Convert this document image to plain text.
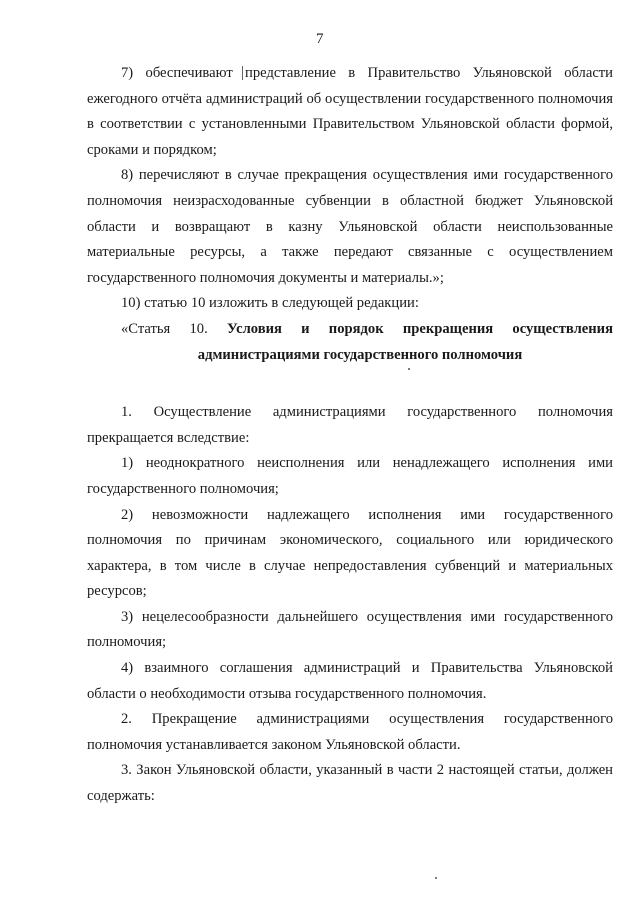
7

7) обеспечивают представление в Правительство Ульяновской области ежегодного отчёта администраций об осуществлении государственного полномочия в соответствии с установленными Правительством Ульяновской области формой, сроками и порядком;

8) перечисляют в случае прекращения осуществления ими государственного полномочия неизрасходованные субвенции в областной бюджет Ульяновской области и возвращают в казну Ульяновской области неиспользованные материальные ресурсы, а также передают связанные с осуществлением государственного полномочия документы и материалы.»;

10) статью 10 изложить в следующей редакции:

«Статья 10. Условия и порядок прекращения осуществления

администрациями государственного полномочия

1. Осуществление администрациями государственного полномочия прекращается вследствие:

1) неоднократного неисполнения или ненадлежащего исполнения ими государственного полномочия;

2) невозможности надлежащего исполнения ими государственного полномочия по причинам экономического, социального или юридического характера, в том числе в случае непредоставления субвенций и материальных ресурсов;

3) нецелесообразности дальнейшего осуществления ими государственного полномочия;

4) взаимного соглашения администраций и Правительства Ульяновской области о необходимости отзыва государственного полномочия.

2. Прекращение администрациями осуществления государственного полномочия устанавливается законом Ульяновской области.

3. Закон Ульяновской области, указанный в части 2 настоящей статьи, должен содержать:
